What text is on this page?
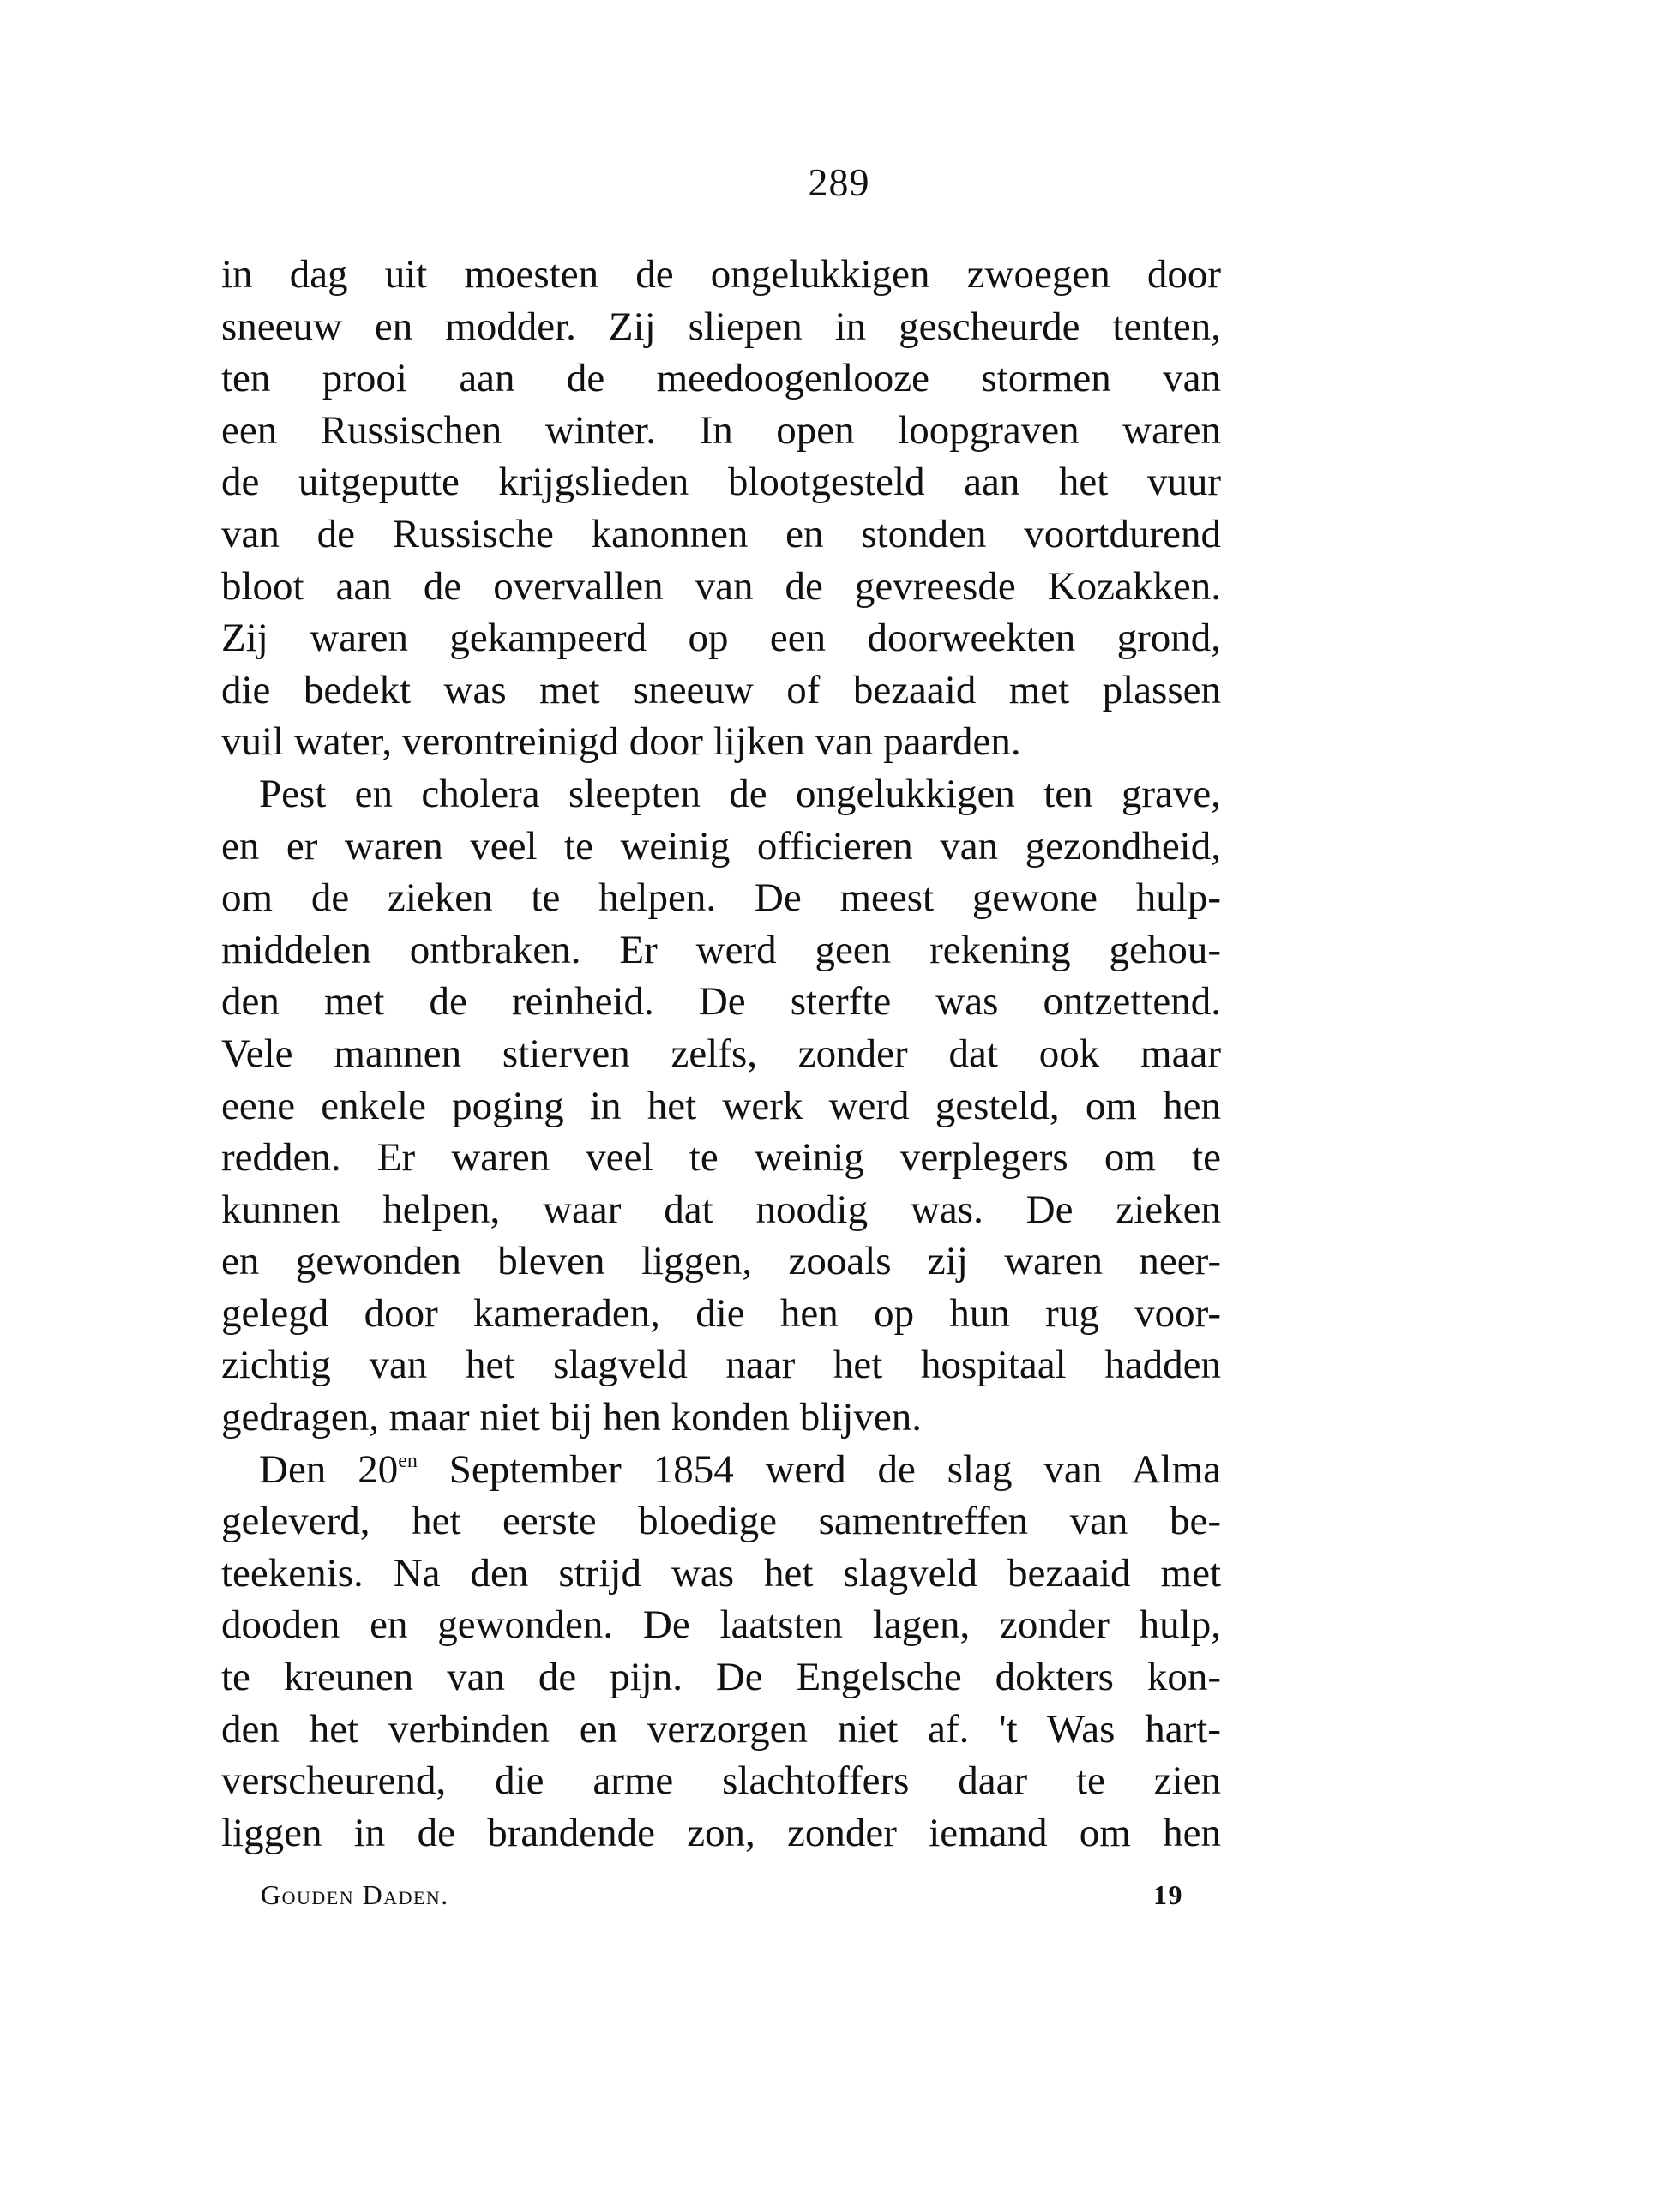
289
in dag uit moesten de ongelukkigen zwoegen door
sneeuw en modder. Zij sliepen in gescheurde tenten,
ten prooi aan de meedoogenlooze stormen van
een Russischen winter. In open loopgraven waren
de uitgeputte krijgslieden blootgesteld aan het vuur
van de Russische kanonnen en stonden voortdurend
bloot aan de overvallen van de gevreesde Kozakken.
Zij waren gekampeerd op een doorweekten grond,
die bedekt was met sneeuw of bezaaid met plassen
vuil water, verontreinigd door lijken van paarden.
Pest en cholera sleepten de ongelukkigen ten grave,
en er waren veel te weinig officieren van gezondheid,
om de zieken te helpen. De meest gewone hulp-
middelen ontbraken. Er werd geen rekening gehou-
den met de reinheid. De sterfte was ontzettend.
Vele mannen stierven zelfs, zonder dat ook maar
eene enkele poging in het werk werd gesteld, om hen
redden. Er waren veel te weinig verplegers om te
kunnen helpen, waar dat noodig was. De zieken
en gewonden bleven liggen, zooals zij waren neer-
gelegd door kameraden, die hen op hun rug voor-
zichtig van het slagveld naar het hospitaal hadden
gedragen, maar niet bij hen konden blijven.
Den $20^{en}$ September 1854 werd de slag van Alma
geleverd, het eerste bloedige samentreffen van be-
teekenis. Na den strijd was het slagveld bezaaid met
dooden en gewonden. De laatsten lagen, zonder hulp,
te kreunen van de pijn. De Engelsche dokters kon-
den het verbinden en verzorgen niet af. 't Was hart-
verscheurend, die arme slachtoffers daar te zien
liggen in de brandende zon, zonder iemand om hen
Gouden Daden.	19
